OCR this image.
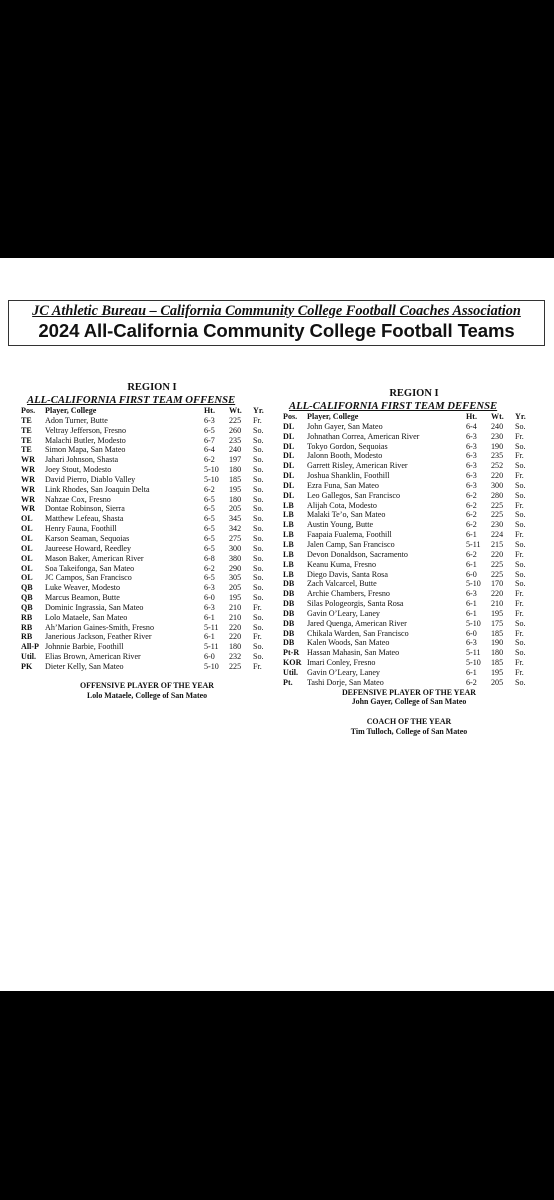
JC Athletic Bureau – California Community College Football Coaches Association
2024 All-California Community College Football Teams
REGION I
ALL-CALIFORNIA FIRST TEAM OFFENSE
Pos. Player, College	Ht. Wt. Yr.
TE Adon Turner, Butte	6-3 225 Fr.
TE Veltray Jefferson, Fresno	6-5 260 So.
TE Malachi Butler, Modesto	6-7 235 So.
TE Simon Mapa, San Mateo	6-4 240 So.
WR Jahari Johnson, Shasta	6-2 197 So.
WR Joey Stout, Modesto	5-10 180 So.
WR David Pierro, Diablo Valley	5-10 185 So.
WR Link Rhodes, San Joaquin Delta	6-2 195 So.
WR Nahzae Cox, Fresno	6-5 180 So.
WR Dontae Robinson, Sierra	6-5 205 So.
OL Matthew Lefeau, Shasta	6-5 345 So.
OL Henry Fauna, Foothill	6-5 342 So.
OL Karson Seaman, Sequoias	6-5 275 So.
OL Jaureese Howard, Reedley	6-5 300 So.
OL Mason Baker, American River	6-8 380 So.
OL Soa Takeifonga, San Mateo	6-2 290 So.
OL JC Campos, San Francisco	6-5 305 So.
QB Luke Weaver, Modesto	6-3 205 So.
QB Marcus Beamon, Butte	6-0 195 So.
QB Dominic Ingrassia, San Mateo	6-3 210 Fr.
RB Lolo Mataele, San Mateo	6-1 210 So.
RB Ah’Marion Gaines-Smith, Fresno	5-11 220 So.
RB Janerious Jackson, Feather River	6-1 220 Fr.
All-P Johnnie Barbie, Foothill	5-11 180 So.
Util. Elias Brown, American River	6-0 232 So.
PK Dieter Kelly, San Mateo	5-10 225 Fr.
OFFENSIVE PLAYER OF THE YEAR
Lolo Mataele, College of San Mateo
REGION I
ALL-CALIFORNIA FIRST TEAM DEFENSE
Pos. Player, College	Ht. Wt. Yr.
DL John Gayer, San Mateo	6-4 240 So.
DL Johnathan Correa, American River	6-3 230 Fr.
DL Tokyo Gordon, Sequoias	6-3 190 So.
DL Jalonn Booth, Modesto	6-3 235 Fr.
DL Garrett Risley, American River	6-3 252 So.
DL Joshua Shanklin, Foothill	6-3 220 Fr.
DL Ezra Funa, San Mateo	6-3 300 So.
DL Leo Gallegos, San Francisco	6-2 280 So.
LB Alijah Cota, Modesto	6-2 225 Fr.
LB Malaki Te’o, San Mateo	6-2 225 So.
LB Austin Young, Butte	6-2 230 So.
LB Faapaia Fualema, Foothill	6-1 224 Fr.
LB Jalen Camp, San Francisco	5-11 215 So.
LB Devon Donaldson, Sacramento	6-2 220 Fr.
LB Keanu Kuma, Fresno	6-1 225 So.
LB Diego Davis, Santa Rosa	6-0 225 So.
DB Zach Valcarcel, Butte	5-10 170 So.
DB Archie Chambers, Fresno	6-3 220 Fr.
DB Silas Pologeorgis, Santa Rosa	6-1 210 Fr.
DB Gavin O’Leary, Laney	6-1 195 Fr.
DB Jared Quenga, American River	5-10 175 So.
DB Chikala Warden, San Francisco	6-0 185 Fr.
DB Kalen Woods, San Mateo	6-3 190 So.
Pt-R Hassan Mahasin, San Mateo	5-11 180 So.
KOR Imari Conley, Fresno	5-10 185 Fr.
Util. Gavin O’Leary, Laney	6-1 195 Fr.
Pt. Tashi Dorje, San Mateo	6-2 205 So.
DEFENSIVE PLAYER OF THE YEAR
John Gayer, College of San Mateo
COACH OF THE YEAR
Tim Tulloch, College of San Mateo
